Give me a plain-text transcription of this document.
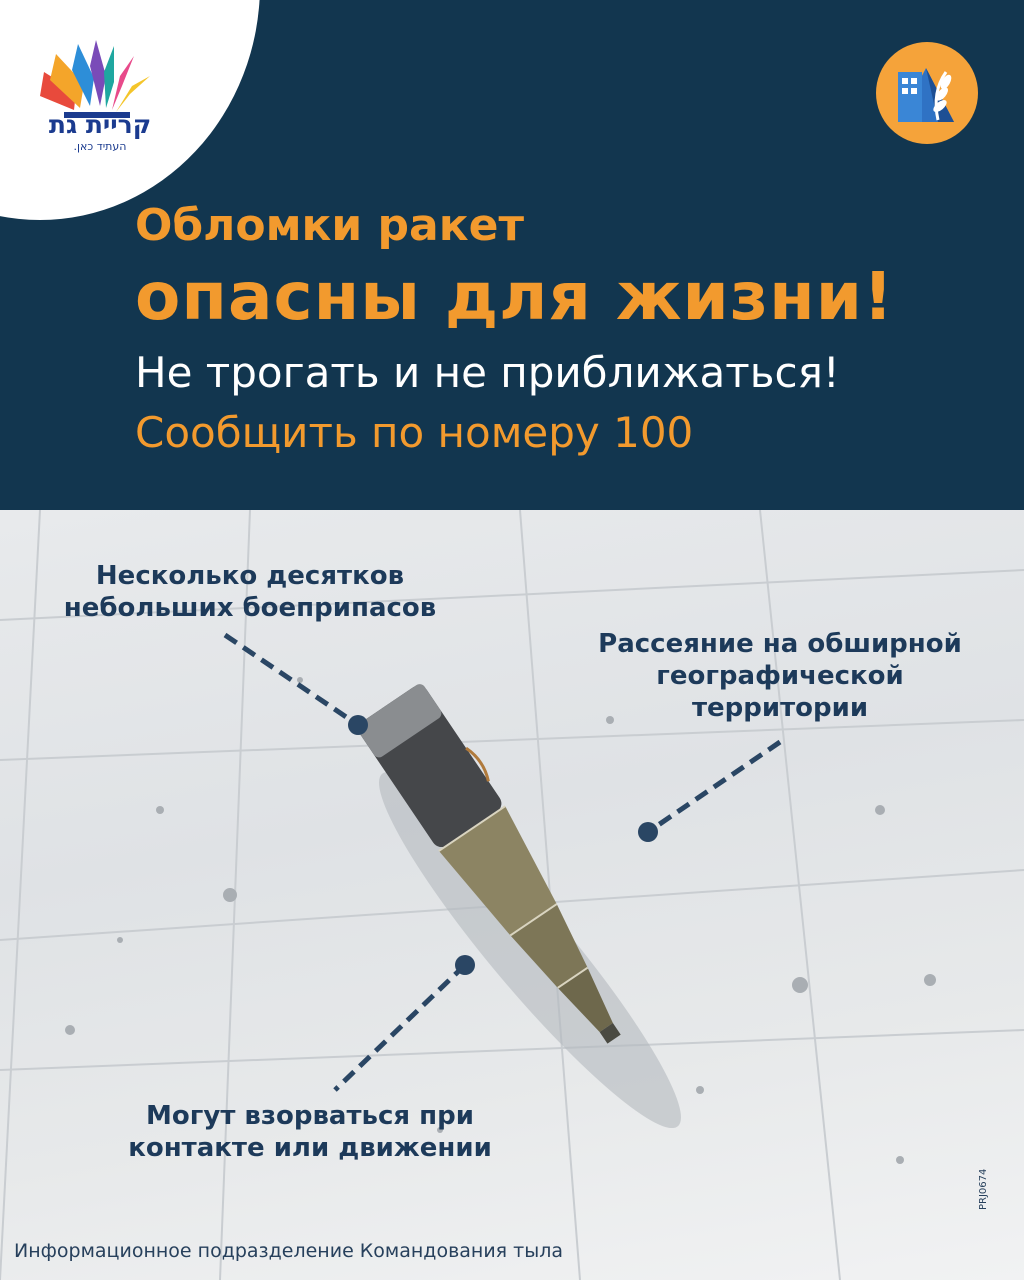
קריית גת
העתיד כאן.
Обломки ракет
опасны для жизни!
Не трогать и не приближаться!
Сообщить по номеру 100
Несколько десятков
небольших боеприпасов
Рассеяние на обширной
географической
территории
Могут взорваться при
контакте или движении
Информационное подразделение Командования тыла
PRJ0674
